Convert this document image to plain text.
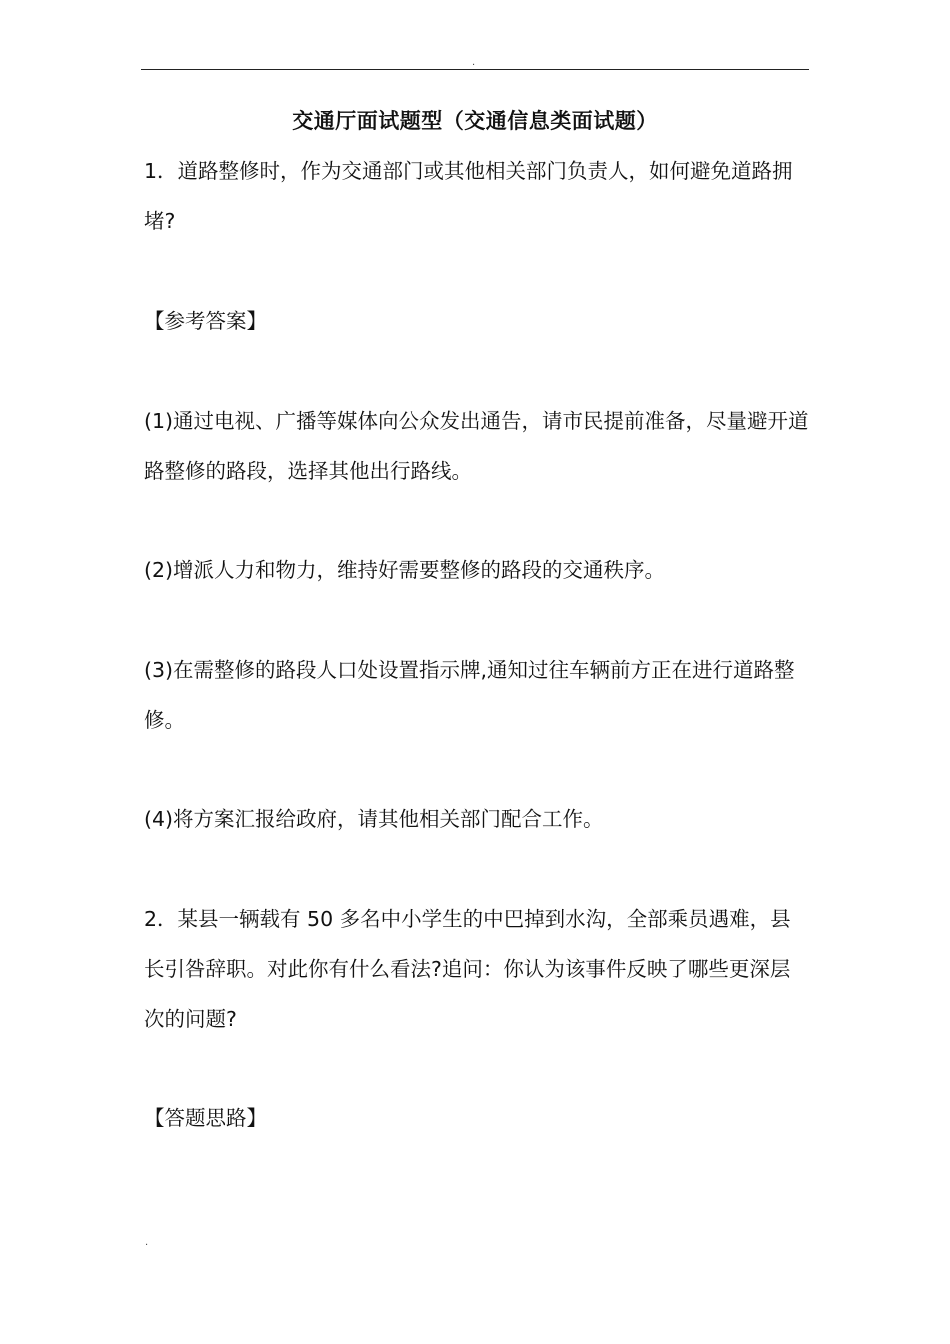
.
交通厅面试题型（交通信息类面试题）

1．道路整修时，作为交通部门或其他相关部门负责人，如何避免道路拥堵?

【参考答案】

(1)通过电视、广播等媒体向公众发出通告，请市民提前准备，尽量避开道路整修的路段，选择其他出行路线。

(2)增派人力和物力，维持好需要整修的路段的交通秩序。

(3)在需整修的路段人口处设置指示牌,通知过往车辆前方正在进行道路整修。

(4)将方案汇报给政府，请其他相关部门配合工作。

2．某县一辆载有 50 多名中小学生的中巴掉到水沟，全部乘员遇难，县长引咎辞职。对此你有什么看法?追问：你认为该事件反映了哪些更深层次的问题?

【答题思路】

.
